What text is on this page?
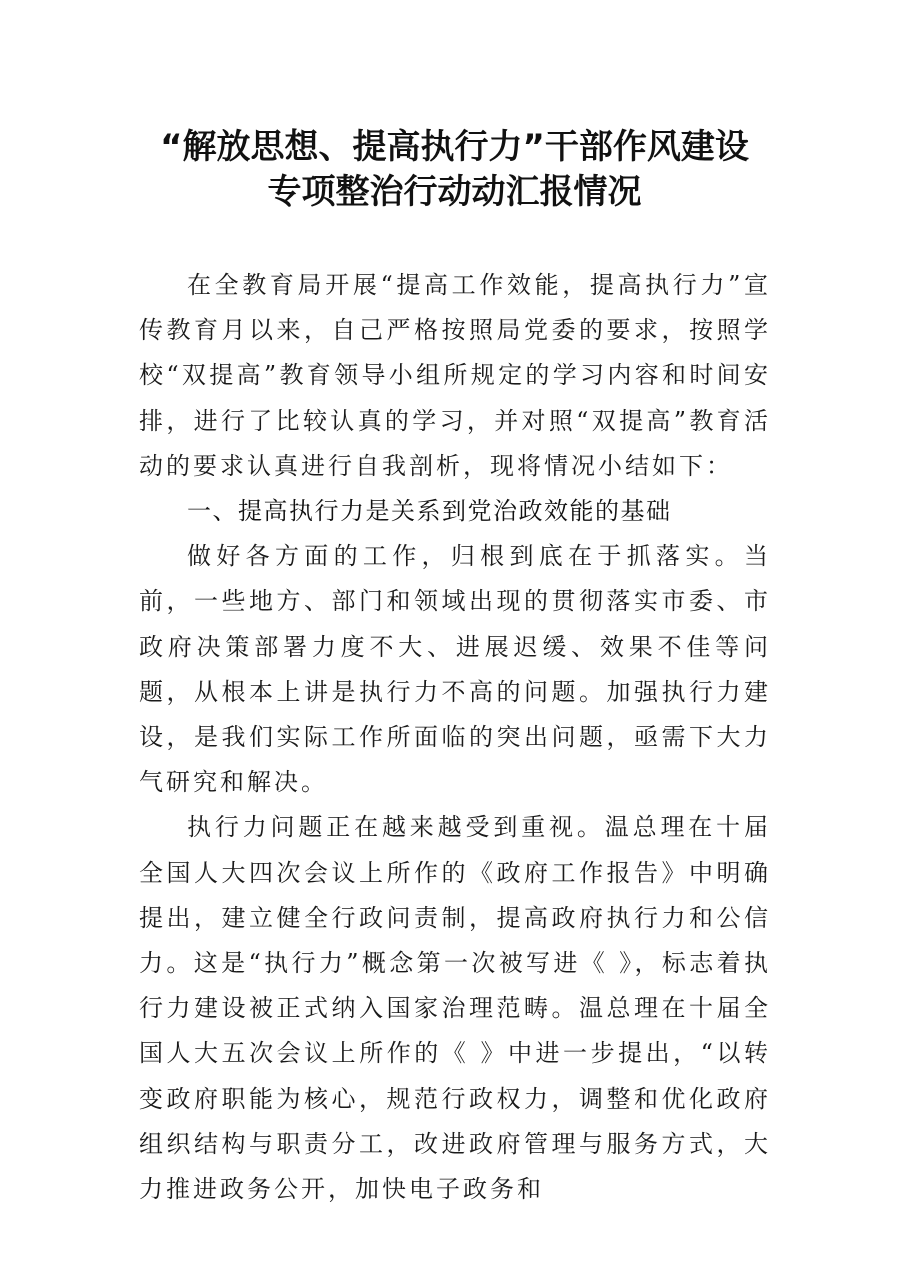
“解放思想、提高执行力”干部作风建设
专项整治行动动汇报情况

在全教育局开展“提高工作效能，提高执行力”宣传教育月以来，自己严格按照局党委的要求，按照学校“双提高”教育领导小组所规定的学习内容和时间安排，进行了比较认真的学习，并对照“双提高”教育活动的要求认真进行自我剖析，现将情况小结如下：

一、提高执行力是关系到党治政效能的基础

做好各方面的工作，归根到底在于抓落实。当前，一些地方、部门和领域出现的贯彻落实市委、市政府决策部署力度不大、进展迟缓、效果不佳等问题，从根本上讲是执行力不高的问题。加强执行力建设，是我们实际工作所面临的突出问题，亟需下大力气研究和解决。

执行力问题正在越来越受到重视。温总理在十届全国人大四次会议上所作的《政府工作报告》中明确提出，建立健全行政问责制，提高政府执行力和公信力。这是“执行力”概念第一次被写进《 》，标志着执行力建设被正式纳入国家治理范畴。温总理在十届全国人大五次会议上所作的《 》中进一步提出，“以转变政府职能为核心，规范行政权力，调整和优化政府组织结构与职责分工，改进政府管理与服务方式，大力推进政务公开，加快电子政务和
